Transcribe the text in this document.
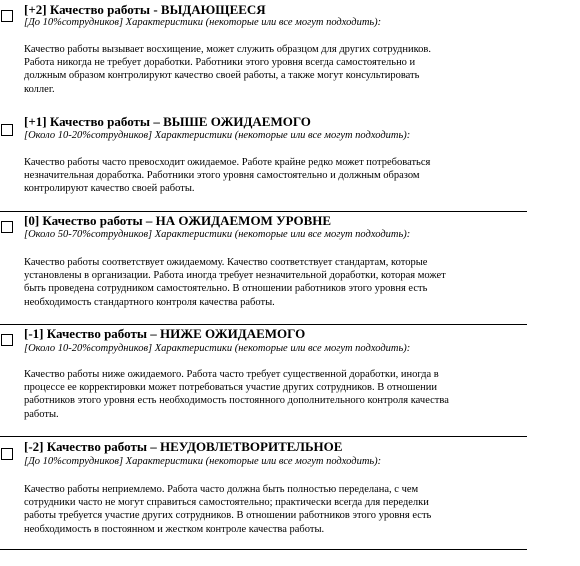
[+2] Качество работы - ВЫДАЮЩЕЕСЯ
[До 10%сотрудников] Характеристики (некоторые или все могут подходить):
Качество работы вызывает восхищение, может служить образцом для других сотрудников.
Работа никогда не требует доработки. Работники этого уровня всегда самостоятельно и
должным образом контролируют качество своей работы, а также могут консультировать
коллег.
[+1] Качество работы – ВЫШЕ ОЖИДАЕМОГО
[Около 10-20%сотрудников] Характеристики (некоторые или все могут подходить):
Качество работы часто превосходит ожидаемое. Работе крайне редко может потребоваться
незначительная доработка. Работники этого уровня самостоятельно и должным образом
контролируют качество своей работы.
[0] Качество работы – НА ОЖИДАЕМОМ УРОВНЕ
[Около 50-70%сотрудников] Характеристики (некоторые или все могут подходить):
Качество работы соответствует ожидаемому. Качество соответствует стандартам, которые
установлены в организации. Работа иногда требует незначительной доработки, которая может
быть проведена сотрудником самостоятельно. В отношении работников этого уровня есть
необходимость стандартного контроля качества работы.
[-1] Качество работы – НИЖЕ ОЖИДАЕМОГО
[Около 10-20%сотрудников] Характеристики (некоторые или все могут подходить):
Качество работы ниже ожидаемого. Работа часто требует существенной доработки, иногда в
процессе ее корректировки может потребоваться участие других сотрудников. В отношении
работников этого уровня есть необходимость постоянного дополнительного контроля качества
работы.
[-2] Качество работы – НЕУДОВЛЕТВОРИТЕЛЬНОЕ
[До 10%сотрудников] Характеристики (некоторые или все могут подходить):
Качество работы неприемлемо. Работа часто должна быть полностью переделана, с чем
сотрудники часто не могут справиться самостоятельно; практически всегда для переделки
работы требуется участие других сотрудников. В отношении работников этого уровня есть
необходимость в постоянном и жестком контроле качества работы.
